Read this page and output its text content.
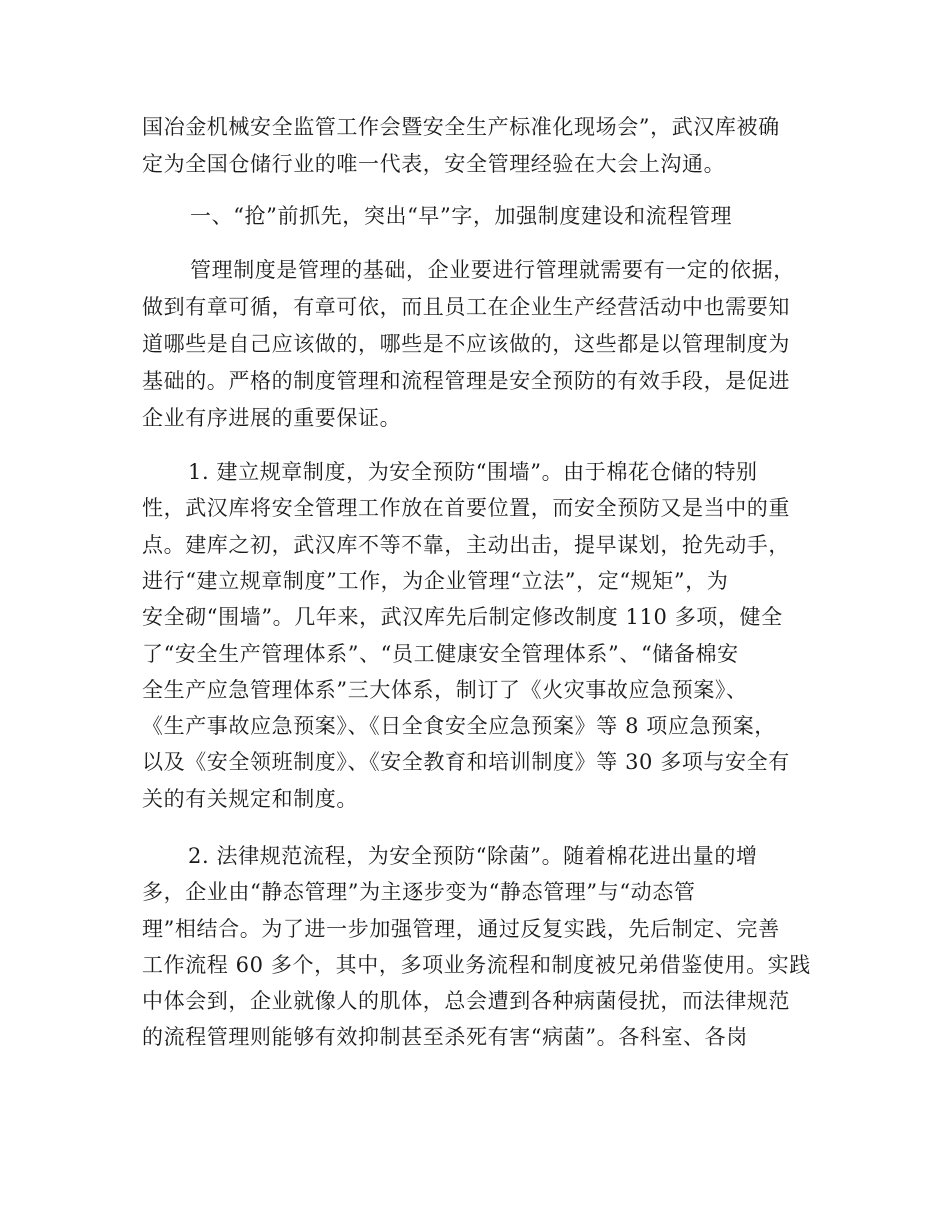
国冶金机械安全监管工作会暨安全生产标准化现场会”，武汉库被确
定为全国仓储行业的唯一代表，安全管理经验在大会上沟通。
一、“抢”前抓先，突出“早”字，加强制度建设和流程管理
管理制度是管理的基础，企业要进行管理就需要有一定的依据，
做到有章可循，有章可依，而且员工在企业生产经营活动中也需要知
道哪些是自己应该做的，哪些是不应该做的，这些都是以管理制度为
基础的。严格的制度管理和流程管理是安全预防的有效手段，是促进
企业有序进展的重要保证。
1. 建立规章制度，为安全预防“围墙”。由于棉花仓储的特别
性，武汉库将安全管理工作放在首要位置，而安全预防又是当中的重
点。建库之初，武汉库不等不靠，主动出击，提早谋划，抢先动手，
进行“建立规章制度”工作，为企业管理“立法”，定“规矩”，为
安全砌“围墙”。几年来，武汉库先后制定修改制度 110 多项，健全
了“安全生产管理体系”、“员工健康安全管理体系”、“储备棉安
全生产应急管理体系”三大体系，制订了《火灾事故应急预案》、
《生产事故应急预案》、《日全食安全应急预案》等 8 项应急预案，
以及《安全领班制度》、《安全教育和培训制度》等 30 多项与安全有
关的有关规定和制度。
2. 法律规范流程，为安全预防“除菌”。随着棉花进出量的增
多，企业由“静态管理”为主逐步变为“静态管理”与“动态管
理”相结合。为了进一步加强管理，通过反复实践，先后制定、完善
工作流程 60 多个，其中，多项业务流程和制度被兄弟借鉴使用。实践
中体会到，企业就像人的肌体，总会遭到各种病菌侵扰，而法律规范
的流程管理则能够有效抑制甚至杀死有害“病菌”。各科室、各岗
